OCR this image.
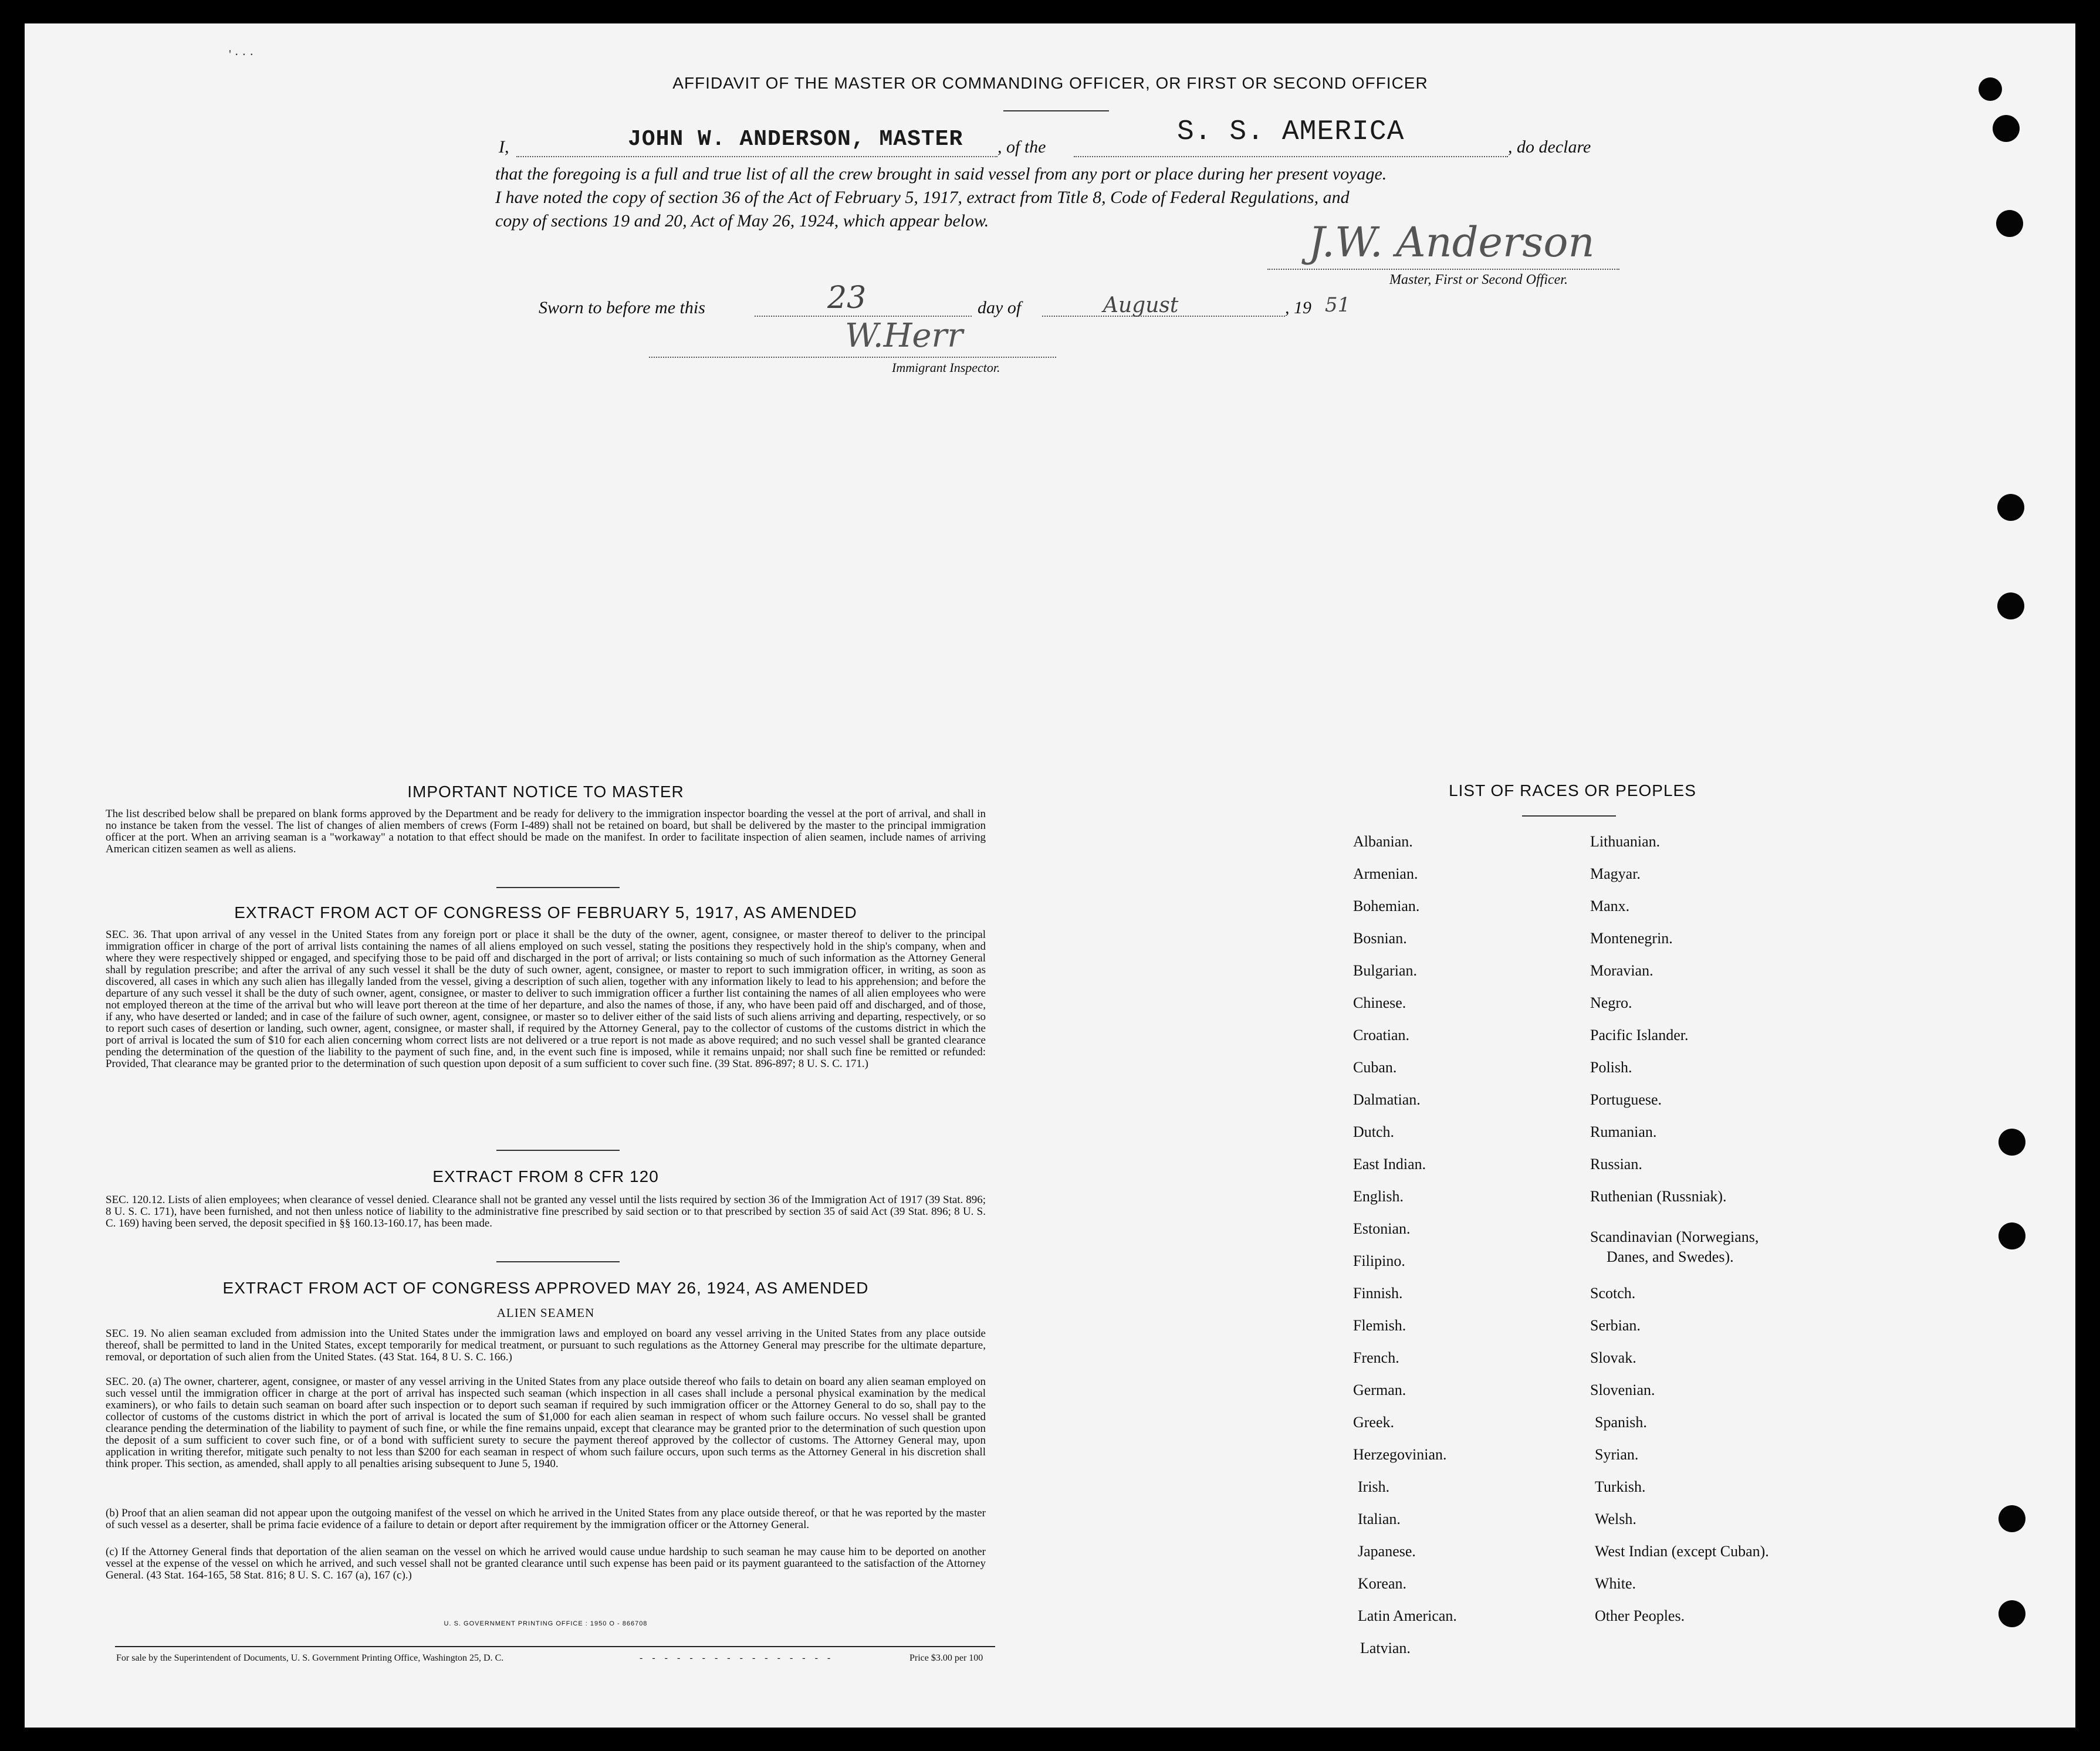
' · · ·
AFFIDAVIT OF THE MASTER OR COMMANDING OFFICER, OR FIRST OR SECOND OFFICER
I,	JOHN W. ANDERSON, MASTER , of the	S. S. AMERICA	, do declare
that the foregoing is a full and true list of all the crew brought in said vessel from any port or place during her present voyage.
I have noted the copy of section 36 of the Act of February 5, 1917, extract from Title 8, Code of Federal Regulations, and
copy of sections 19 and 20, Act of May 26, 1924, which appear below.	J.W. Anderson
Master, First or Second Officer.
Sworn to before me this	23	day of	August	, 19 51
W.Herr
Immigrant Inspector.
IMPORTANT NOTICE TO MASTER
The list described below shall be prepared on blank forms approved by the Department and be ready for delivery to the immigration inspector boarding the vessel at the port of arrival, and shall in no instance be taken from the vessel. The list of changes of alien members of crews (Form I-489) shall not be retained on board, but shall be delivered by the master to the principal immigration officer at the port. When an arriving seaman is a "workaway" a notation to that effect should be made on the manifest. In order to facilitate inspection of alien seamen, include names of arriving American citizen seamen as well as aliens.
EXTRACT FROM ACT OF CONGRESS OF FEBRUARY 5, 1917, AS AMENDED
SEC. 36. That upon arrival of any vessel in the United States from any foreign port or place it shall be the duty of the owner, agent, consignee, or master thereof to deliver to the principal immigration officer in charge of the port of arrival lists containing the names of all aliens employed on such vessel, stating the positions they respectively hold in the ship's company, when and where they were respectively shipped or engaged, and specifying those to be paid off and discharged in the port of arrival; or lists containing so much of such information as the Attorney General shall by regulation prescribe; and after the arrival of any such vessel it shall be the duty of such owner, agent, consignee, or master to report to such immigration officer, in writing, as soon as discovered, all cases in which any such alien has illegally landed from the vessel, giving a description of such alien, together with any information likely to lead to his apprehension; and before the departure of any such vessel it shall be the duty of such owner, agent, consignee, or master to deliver to such immigration officer a further list containing the names of all alien employees who were not employed thereon at the time of the arrival but who will leave port thereon at the time of her departure, and also the names of those, if any, who have been paid off and discharged, and of those, if any, who have deserted or landed; and in case of the failure of such owner, agent, consignee, or master so to deliver either of the said lists of such aliens arriving and departing, respectively, or so to report such cases of desertion or landing, such owner, agent, consignee, or master shall, if required by the Attorney General, pay to the collector of customs of the customs district in which the port of arrival is located the sum of $10 for each alien concerning whom correct lists are not delivered or a true report is not made as above required; and no such vessel shall be granted clearance pending the determination of the question of the liability to the payment of such fine, and, in the event such fine is imposed, while it remains unpaid; nor shall such fine be remitted or refunded: Provided, That clearance may be granted prior to the determination of such question upon deposit of a sum sufficient to cover such fine. (39 Stat. 896-897; 8 U. S. C. 171.)
EXTRACT FROM 8 CFR 120
SEC. 120.12. Lists of alien employees; when clearance of vessel denied. Clearance shall not be granted any vessel until the lists required by section 36 of the Immigration Act of 1917 (39 Stat. 896; 8 U. S. C. 171), have been furnished, and not then unless notice of liability to the administrative fine prescribed by said section or to that prescribed by section 35 of said Act (39 Stat. 896; 8 U. S. C. 169) having been served, the deposit specified in §§ 160.13-160.17, has been made.
EXTRACT FROM ACT OF CONGRESS APPROVED MAY 26, 1924, AS AMENDED
ALIEN SEAMEN
SEC. 19. No alien seaman excluded from admission into the United States under the immigration laws and employed on board any vessel arriving in the United States from any place outside thereof, shall be permitted to land in the United States, except temporarily for medical treatment, or pursuant to such regulations as the Attorney General may prescribe for the ultimate departure, removal, or deportation of such alien from the United States. (43 Stat. 164, 8 U. S. C. 166.)
SEC. 20. (a) The owner, charterer, agent, consignee, or master of any vessel arriving in the United States from any place outside thereof who fails to detain on board any alien seaman employed on such vessel until the immigration officer in charge at the port of arrival has inspected such seaman (which inspection in all cases shall include a personal physical examination by the medical examiners), or who fails to detain such seaman on board after such inspection or to deport such seaman if required by such immigration officer or the Attorney General to do so, shall pay to the collector of customs of the customs district in which the port of arrival is located the sum of $1,000 for each alien seaman in respect of whom such failure occurs. No vessel shall be granted clearance pending the determination of the liability to payment of such fine, or while the fine remains unpaid, except that clearance may be granted prior to the determination of such question upon the deposit of a sum sufficient to cover such fine, or of a bond with sufficient surety to secure the payment thereof approved by the collector of customs. The Attorney General may, upon application in writing therefor, mitigate such penalty to not less than $200 for each seaman in respect of whom such failure occurs, upon such terms as the Attorney General in his discretion shall think proper. This section, as amended, shall apply to all penalties arising subsequent to June 5, 1940.
(b) Proof that an alien seaman did not appear upon the outgoing manifest of the vessel on which he arrived in the United States from any place outside thereof, or that he was reported by the master of such vessel as a deserter, shall be prima facie evidence of a failure to detain or deport after requirement by the immigration officer or the Attorney General.
(c) If the Attorney General finds that deportation of the alien seaman on the vessel on which he arrived would cause undue hardship to such seaman he may cause him to be deported on another vessel at the expense of the vessel on which he arrived, and such vessel shall not be granted clearance until such expense has been paid or its payment guaranteed to the satisfaction of the Attorney General. (43 Stat. 164-165, 58 Stat. 816; 8 U. S. C. 167 (a), 167 (c).)
U. S. GOVERNMENT PRINTING OFFICE : 1950 O - 866708
For sale by the Superintendent of Documents, U. S. Government Printing Office, Washington 25, D. C.	- - - - - - - - - - - - - - - -	Price $3.00 per 100
LIST OF RACES OR PEOPLES
Albanian.
Armenian.
Bohemian.
Bosnian.
Bulgarian.
Chinese.
Croatian.
Cuban.
Dalmatian.
Dutch.
East Indian.
English.
Estonian.
Filipino.
Finnish.
Flemish.
French.
German.
Greek.
Herzegovinian.
Irish.
Italian.
Japanese.
Korean.
Latin American.
Latvian.
Lithuanian.
Magyar.
Manx.
Montenegrin.
Moravian.
Negro.
Pacific Islander.
Polish.
Portuguese.
Rumanian.
Russian.
Ruthenian (Russniak).
Scandinavian (Norwegians,
Danes, and Swedes).
Scotch.
Serbian.
Slovak.
Slovenian.
Spanish.
Syrian.
Turkish.
Welsh.
West Indian (except Cuban).
White.
Other Peoples.
